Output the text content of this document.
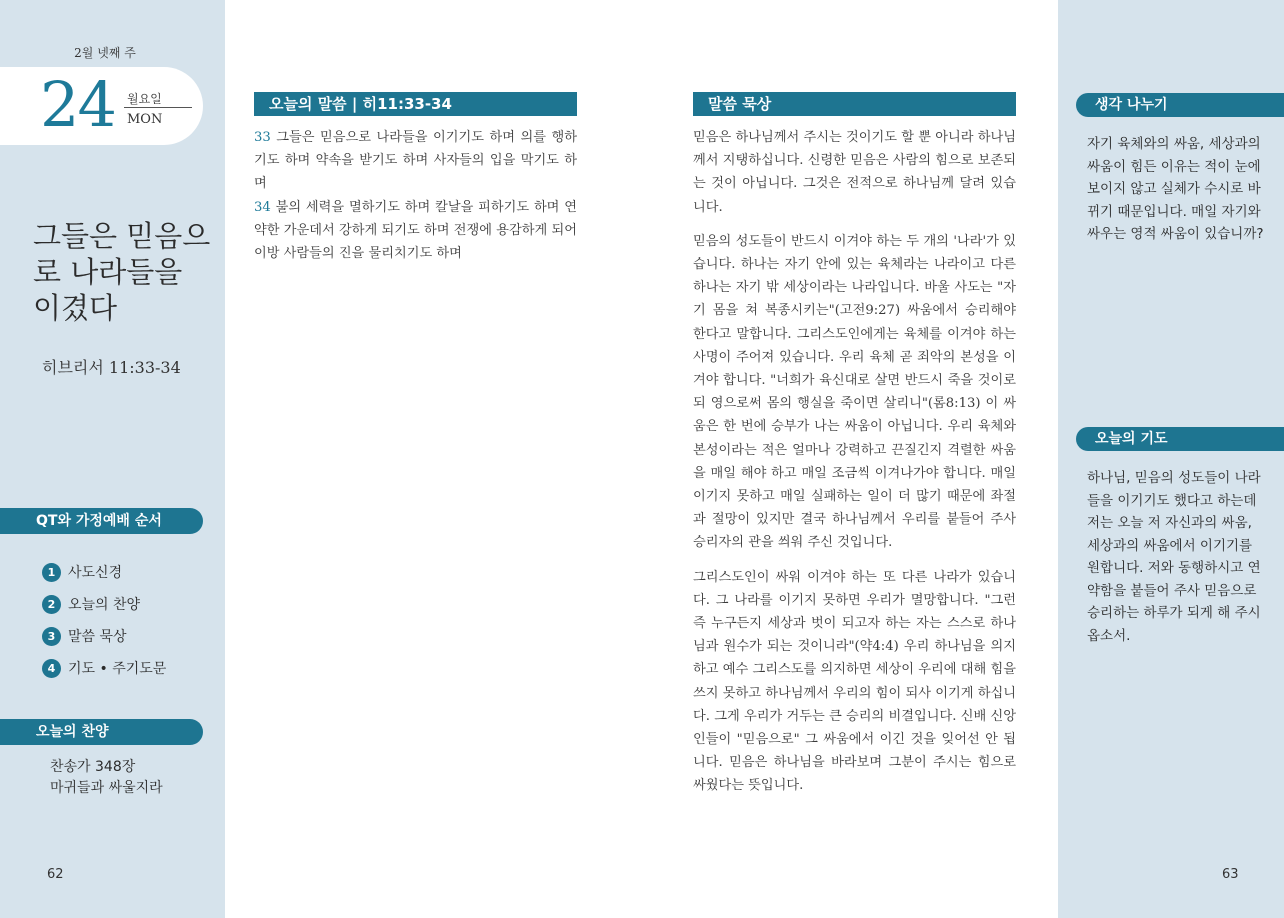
2월 넷째 주
24 월요일
MON
그들은 믿음으로 나라들을 이겼다
히브리서 11:33-34
QT와 가정예배 순서
1 사도신경
2 오늘의 찬양
3 말씀 묵상
4 기도 • 주기도문
오늘의 찬양
찬송가 348장
마귀들과 싸울지라
62
오늘의 말씀 | 히11:33-34
33 그들은 믿음으로 나라들을 이기기도 하며 의를 행하기도 하며 약속을 받기도 하며 사자들의 입을 막기도 하며
34 불의 세력을 멸하기도 하며 칼날을 피하기도 하며 연약한 가운데서 강하게 되기도 하며 전쟁에 용감하게 되어 이방 사람들의 진을 물리치기도 하며
말씀 묵상

믿음은 하나님께서 주시는 것이기도 할 뿐 아니라 하나님께서 지탱하십니다. 신령한 믿음은 사람의 힘으로 보존되는 것이 아닙니다. 그것은 전적으로 하나님께 달려 있습니다.

믿음의 성도들이 반드시 이겨야 하는 두 개의 '나라'가 있습니다. 하나는 자기 안에 있는 육체라는 나라이고 다른 하나는 자기 밖 세상이라는 나라입니다. 바울 사도는 "자기 몸을 쳐 복종시키는"(고전9:27) 싸움에서 승리해야 한다고 말합니다. 그리스도인에게는 육체를 이겨야 하는 사명이 주어져 있습니다. 우리 육체 곧 죄악의 본성을 이겨야 합니다. "너희가 육신대로 살면 반드시 죽을 것이로되 영으로써 몸의 행실을 죽이면 살리니"(롬8:13) 이 싸움은 한 번에 승부가 나는 싸움이 아닙니다. 우리 육체와 본성이라는 적은 얼마나 강력하고 끈질긴지 격렬한 싸움을 매일 해야 하고 매일 조금씩 이겨나가야 합니다. 매일 이기지 못하고 매일 실패하는 일이 더 많기 때문에 좌절과 절망이 있지만 결국 하나님께서 우리를 붙들어 주사 승리자의 관을 씌워 주신 것입니다.

그리스도인이 싸워 이겨야 하는 또 다른 나라가 있습니다. 그 나라를 이기지 못하면 우리가 멸망합니다. "그런즉 누구든지 세상과 벗이 되고자 하는 자는 스스로 하나님과 원수가 되는 것이니라"(약4:4) 우리 하나님을 의지하고 예수 그리스도를 의지하면 세상이 우리에 대해 힘을 쓰지 못하고 하나님께서 우리의 힘이 되사 이기게 하십니다. 그게 우리가 거두는 큰 승리의 비결입니다. 신배 신앙인들이 "믿음으로" 그 싸움에서 이긴 것을 잊어선 안 됩니다. 믿음은 하나님을 바라보며 그분이 주시는 힘으로 싸웠다는 뜻입니다.

생각 나누기
자기 육체와의 싸움, 세상과의 싸움이 힘든 이유는 적이 눈에 보이지 않고 실체가 수시로 바뀌기 때문입니다. 매일 자기와 싸우는 영적 싸움이 있습니까?
오늘의 기도
하나님, 믿음의 성도들이 나라들을 이기기도 했다고 하는데 저는 오늘 저 자신과의 싸움, 세상과의 싸움에서 이기기를 원합니다. 저와 동행하시고 연약함을 붙들어 주사 믿음으로 승리하는 하루가 되게 해 주시옵소서.
63
